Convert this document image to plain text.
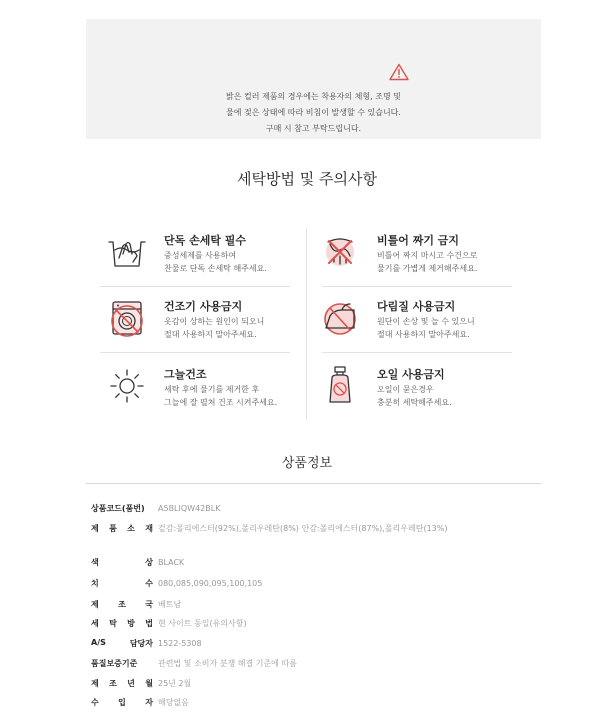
밝은 컬러 제품의 경우에는 착용자의 체형, 조명 및
물에 젖은 상태에 따라 비침이 발생할 수 있습니다.
구매 시 참고 부탁드립니다.
세탁방법 및 주의사항
단독 손세탁 필수
중성세제를 사용하여
찬물로 단독 손세탁 해주세요.
비틀어 짜기 금지
비틀어 짜지 마시고 수건으로
물기를 가볍게 제거해주세요.
건조기 사용금지
옷감이 상하는 원인이 되오니
절대 사용하지 말아주세요.
다림질 사용금지
원단이 손상 및 늘 수 있으니
절대 사용하지 말아주세요.
그늘건조
세탁 후에 물기를 제거한 후
그늘에 잘 펼쳐 건조 시켜주세요.
오일 사용금지
오일이 묻은경우
충분히 세탁해주세요.
상품정보
상품코드(품번)	A5BLIQW42BLK
제 품 소 재 겉감:폴리에스터(92%),폴리우레탄(8%) 안감:폴리에스터(87%),폴리우레탄(13%)
색	상 BLACK
치	수 080,085,090,095,100,105
제 조 국 베트남
세 탁 방 법 현 사이트 동일(유의사항)
A/S	담당자 1522-5308
품질보증기준	관련법 및 소비자 분쟁 해결 기준에 따름
제 조 년 월 25년 2월
수 입 자 해당없음
